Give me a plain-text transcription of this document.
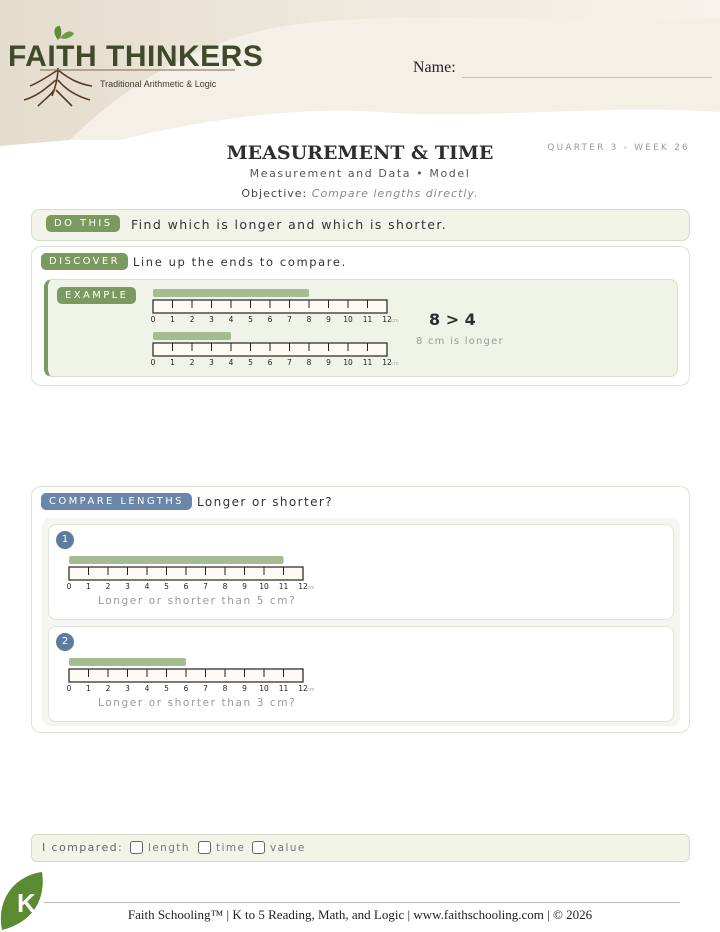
FAITH THINKERS
Traditional Arithmetic & Logic
Name:
QUARTER 3 - WEEK 26
MEASUREMENT & TIME
Measurement and Data • Model
Objective: Compare lengths directly.
DO THIS	Find which is longer and which is shorter.
DISCOVER	Line up the ends to compare.
EXAMPLE
0 1 2 3 4 5 6 7 8 9 10 11 12 cm
0 1 2 3 4 5 6 7 8 9 10 11 12 cm
8 > 4
8 cm is longer
COMPARE LENGTHS	Longer or shorter?
1
0 1 2 3 4 5 6 7 8 9 10 11 12 cm
Longer or shorter than 5 cm?
2
0 1 2 3 4 5 6 7 8 9 10 11 12 cm
Longer or shorter than 3 cm?
I compared: length time value
K	Faith Schooling™ | K to 5 Reading, Math, and Logic | www.faithschooling.com | © 2026
